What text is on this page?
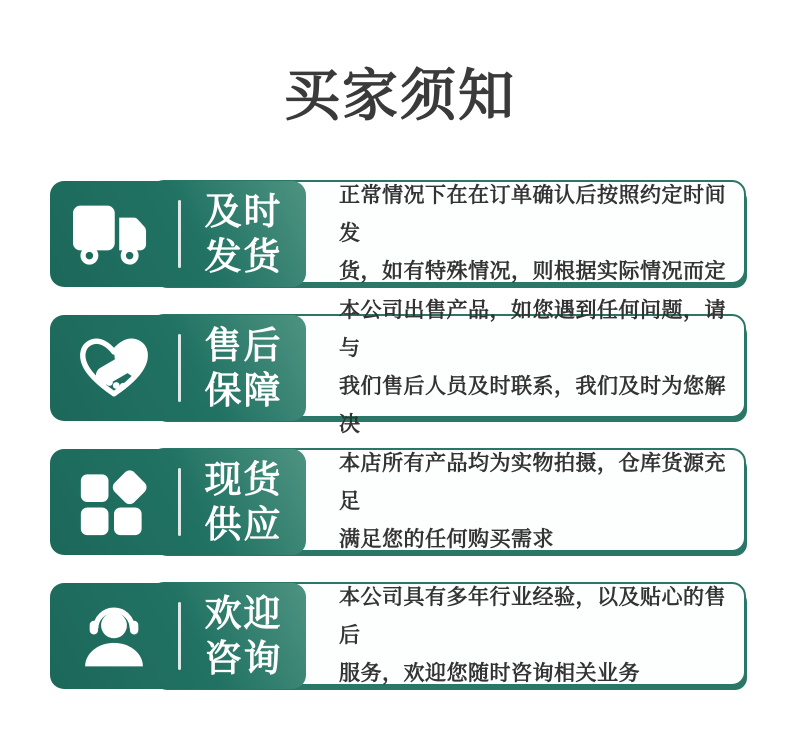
买家须知
正常情况下在在订单确认后按照约定时间发
货，如有特殊情况，则根据实际情况而定
及时
发货
本公司出售产品，如您遇到任何问题，请与
我们售后人员及时联系，我们及时为您解决
售后
保障
本店所有产品均为实物拍摄，仓库货源充足
满足您的任何购买需求
现货
供应
本公司具有多年行业经验，以及贴心的售后
服务，欢迎您随时咨询相关业务
欢迎
咨询
